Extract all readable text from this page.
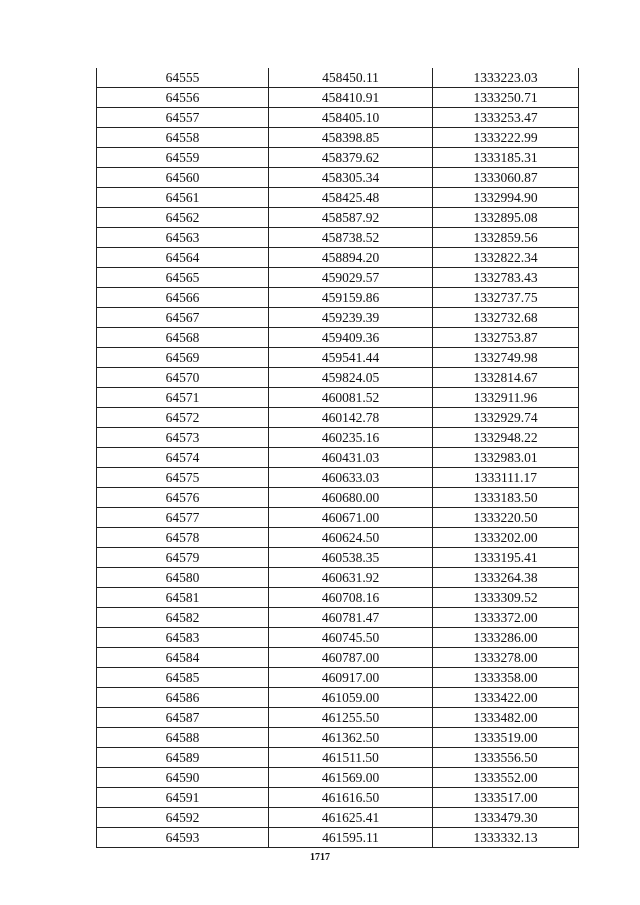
64555	458450.11	1333223.03
64556	458410.91	1333250.71
64557	458405.10	1333253.47
64558	458398.85	1333222.99
64559	458379.62	1333185.31
64560	458305.34	1333060.87
64561	458425.48	1332994.90
64562	458587.92	1332895.08
64563	458738.52	1332859.56
64564	458894.20	1332822.34
64565	459029.57	1332783.43
64566	459159.86	1332737.75
64567	459239.39	1332732.68
64568	459409.36	1332753.87
64569	459541.44	1332749.98
64570	459824.05	1332814.67
64571	460081.52	1332911.96
64572	460142.78	1332929.74
64573	460235.16	1332948.22
64574	460431.03	1332983.01
64575	460633.03	1333111.17
64576	460680.00	1333183.50
64577	460671.00	1333220.50
64578	460624.50	1333202.00
64579	460538.35	1333195.41
64580	460631.92	1333264.38
64581	460708.16	1333309.52
64582	460781.47	1333372.00
64583	460745.50	1333286.00
64584	460787.00	1333278.00
64585	460917.00	1333358.00
64586	461059.00	1333422.00
64587	461255.50	1333482.00
64588	461362.50	1333519.00
64589	461511.50	1333556.50
64590	461569.00	1333552.00
64591	461616.50	1333517.00
64592	461625.41	1333479.30
64593	461595.11	1333332.13
1717
